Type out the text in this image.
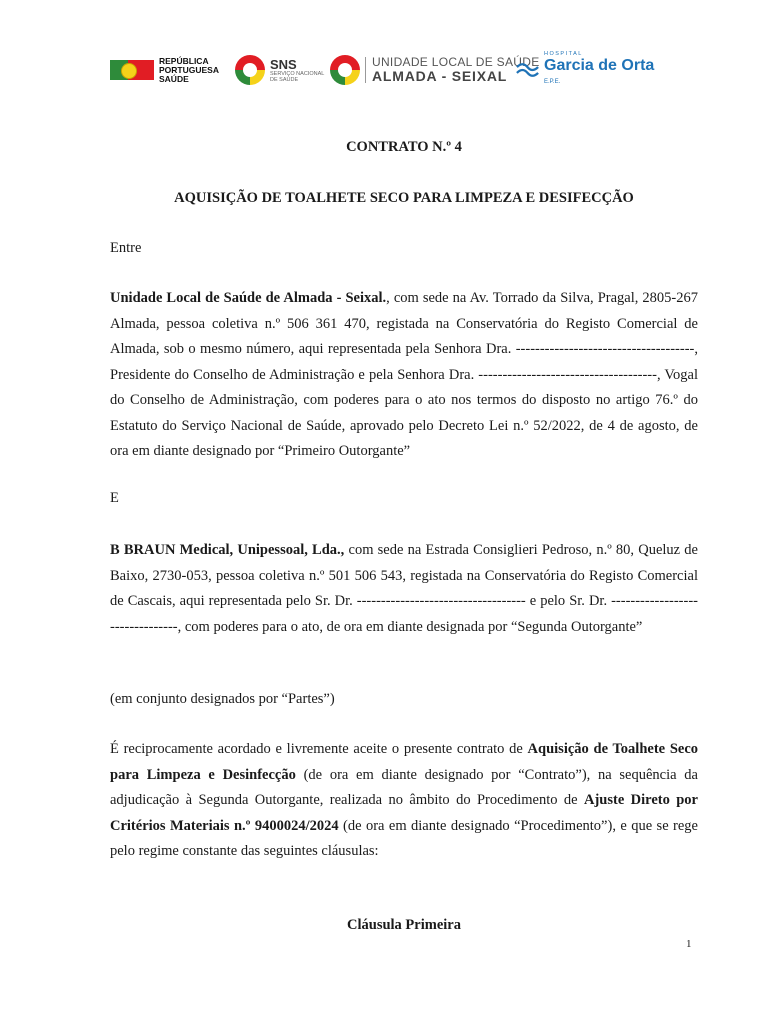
REPÚBLICA
PORTUGUESA
SAÚDE
SNS
SERVIÇO NACIONAL
DE SAÚDE
UNIDADE LOCAL DE SAÚDE
ALMADA - SEIXAL
HOSPITAL
Garcia de Orta E.P.E.

CONTRATO N.º 4

AQUISIÇÃO DE TOALHETE SECO PARA LIMPEZA E DESIFECÇÃO

Entre

Unidade Local de Saúde de Almada - Seixal., com sede na Av. Torrado da Silva, Pragal, 2805-267 Almada, pessoa coletiva n.º 506 361 470, registada na Conservatória do Registo Comercial de Almada, sob o mesmo número, aqui representada pela Senhora Dra. -------------------------------------, Presidente do Conselho de Administração e pela Senhora Dra. -------------------------------------, Vogal do Conselho de Administração, com poderes para o ato nos termos do disposto no artigo 76.º do Estatuto do Serviço Nacional de Saúde, aprovado pelo Decreto Lei n.º 52/2022, de 4 de agosto, de ora em diante designado por “Primeiro Outorgante”

E

B BRAUN Medical, Unipessoal, Lda., com sede na Estrada Consiglieri Pedroso, n.º 80, Queluz de Baixo, 2730-053, pessoa coletiva n.º 501 506 543, registada na Conservatória do Registo Comercial de Cascais, aqui representada pelo Sr. Dr. ----------------------------------- e pelo Sr. Dr. --------------------------------, com poderes para o ato, de ora em diante designada por “Segunda Outorgante”

(em conjunto designados por “Partes”)

É reciprocamente acordado e livremente aceite o presente contrato de Aquisição de Toalhete Seco para Limpeza e Desinfecção (de ora em diante designado por “Contrato”), na sequência da adjudicação à Segunda Outorgante, realizada no âmbito do Procedimento de Ajuste Direto por Critérios Materiais n.º 9400024/2024 (de ora em diante designado “Procedimento”), e que se rege pelo regime constante das seguintes cláusulas:

Cláusula Primeira

1
